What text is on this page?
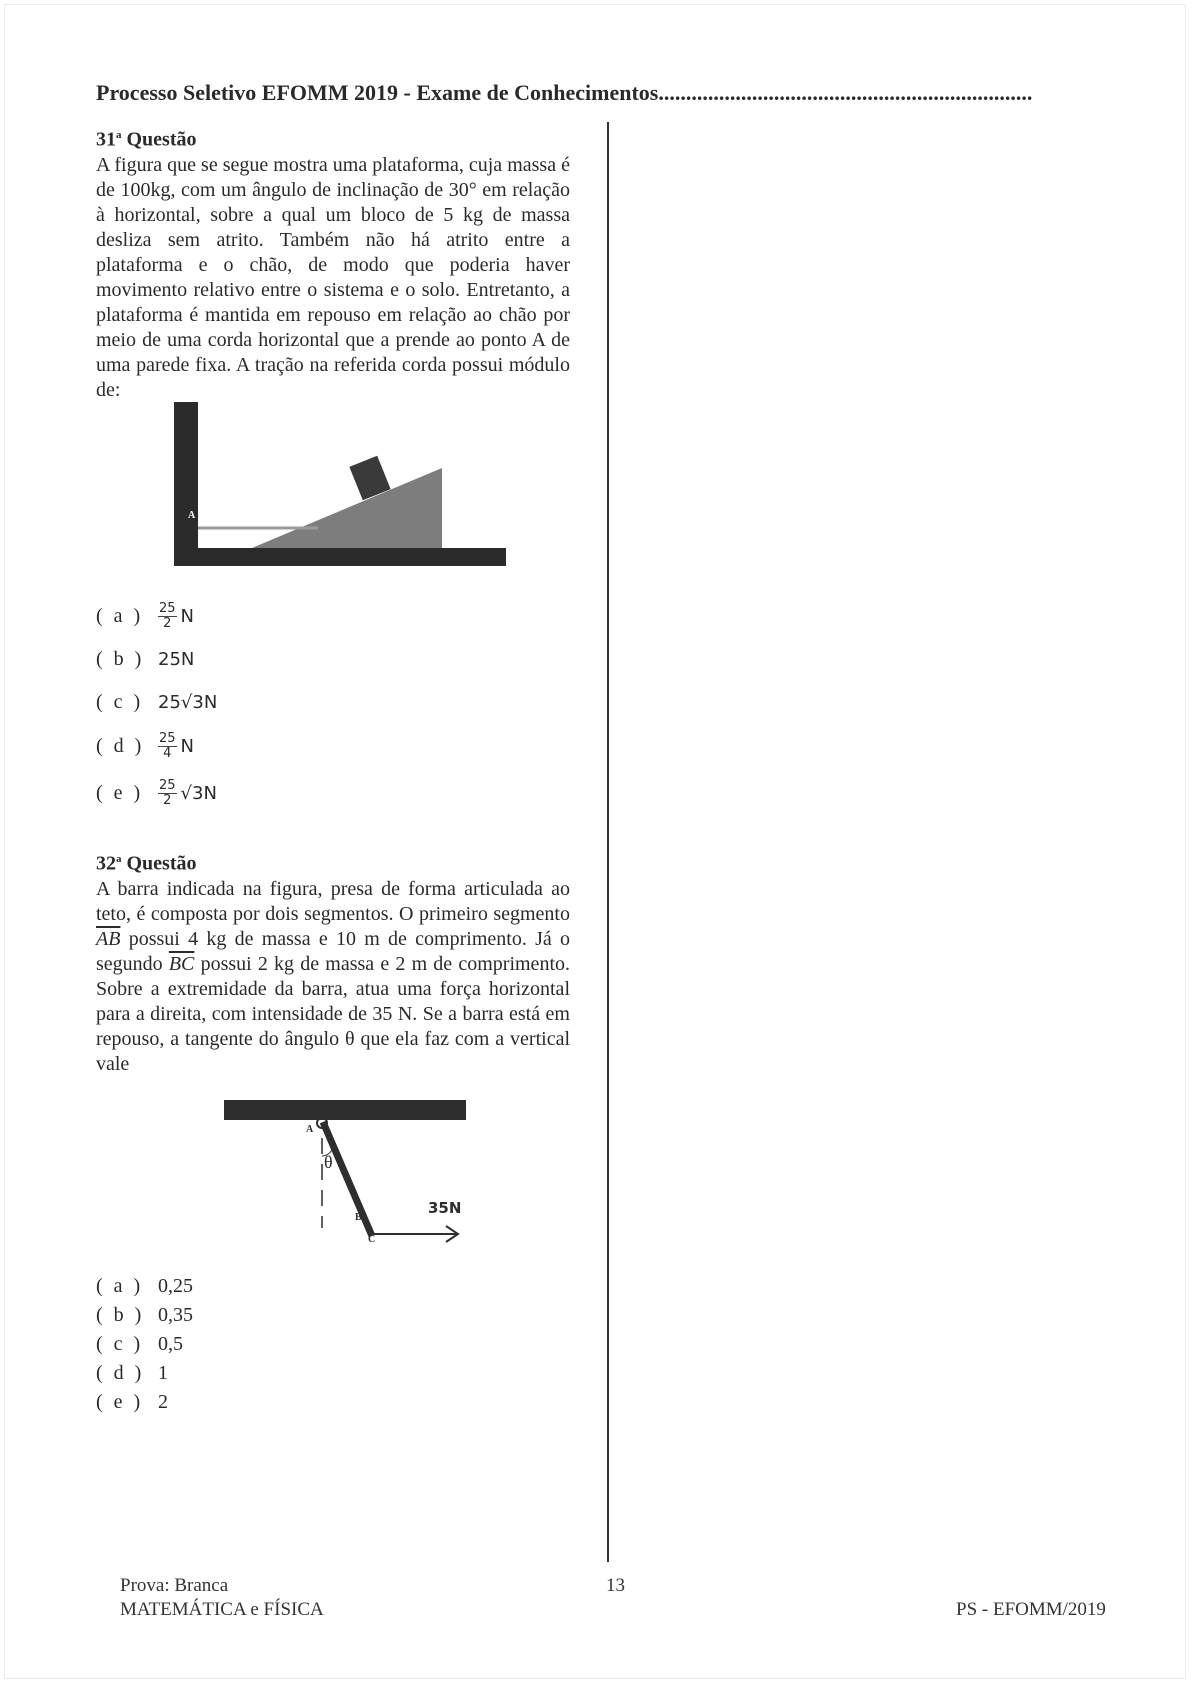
Processo Seletivo EFOMM 2019 - Exame de Conhecimentos....................................................................
31$^a$ Questão
A figura que se segue mostra uma plataforma, cuja massa é de 100kg, com um ângulo de inclinação de 30° em relação à horizontal, sobre a qual um bloco de 5 kg de massa desliza sem atrito. Também não há atrito entre a plataforma e o chão, de modo que poderia haver movimento relativo entre o sistema e o solo. Entretanto, a plataforma é mantida em repouso em relação ao chão por meio de uma corda horizontal que a prende ao ponto A de uma parede fixa. A tração na referida corda possui módulo de:
A
( a )	$\frac{25}{2}$ N
( b ) 25N
( c ) 25√3N
( d )	$\frac{25}{4}$ N
( e )	$\frac{25}{2} √3N$
32$^a$ Questão
A barra indicada na figura, presa de forma articulada ao teto, é composta por dois segmentos. O primeiro segmento $\overline{AB}$ possui 4 kg de massa e 10 m de comprimento. Já o segundo $\overline{BC}$ possui 2 kg de massa e 2 m de comprimento. Sobre a extremidade da barra, atua uma força horizontal para a direita, com intensidade de 35 N. Se a barra está em repouso, a tangente do ângulo θ que ela faz com a vertical vale
θ
A
B
C
35N
( a ) 0,25
( b ) 0,35
( c ) 0,5
( d ) 1
( e ) 2
Prova: Branca
MATEMÁTICA e FÍSICA
13
PS - EFOMM/2019
